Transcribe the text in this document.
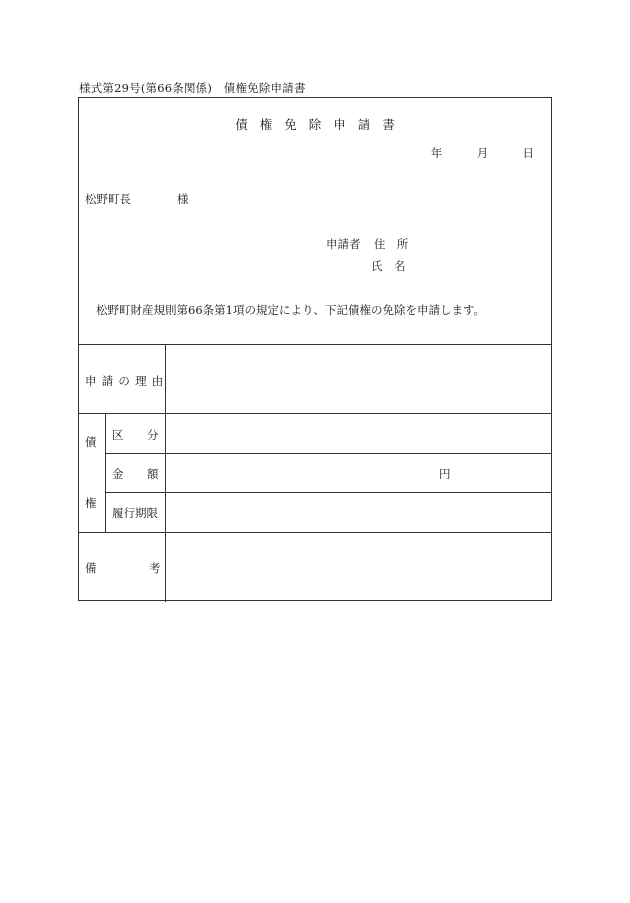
様式第29号(第66条関係)　債権免除申請書
債権免除申請書
年	月	日
松野町長	様
申請者 住　所
氏　名
松野町財産規則第66条第1項の規定により、下記債権の免除を申請します。
申請の理由
債
権
区　分
金　額	円
履行期限
備	考
